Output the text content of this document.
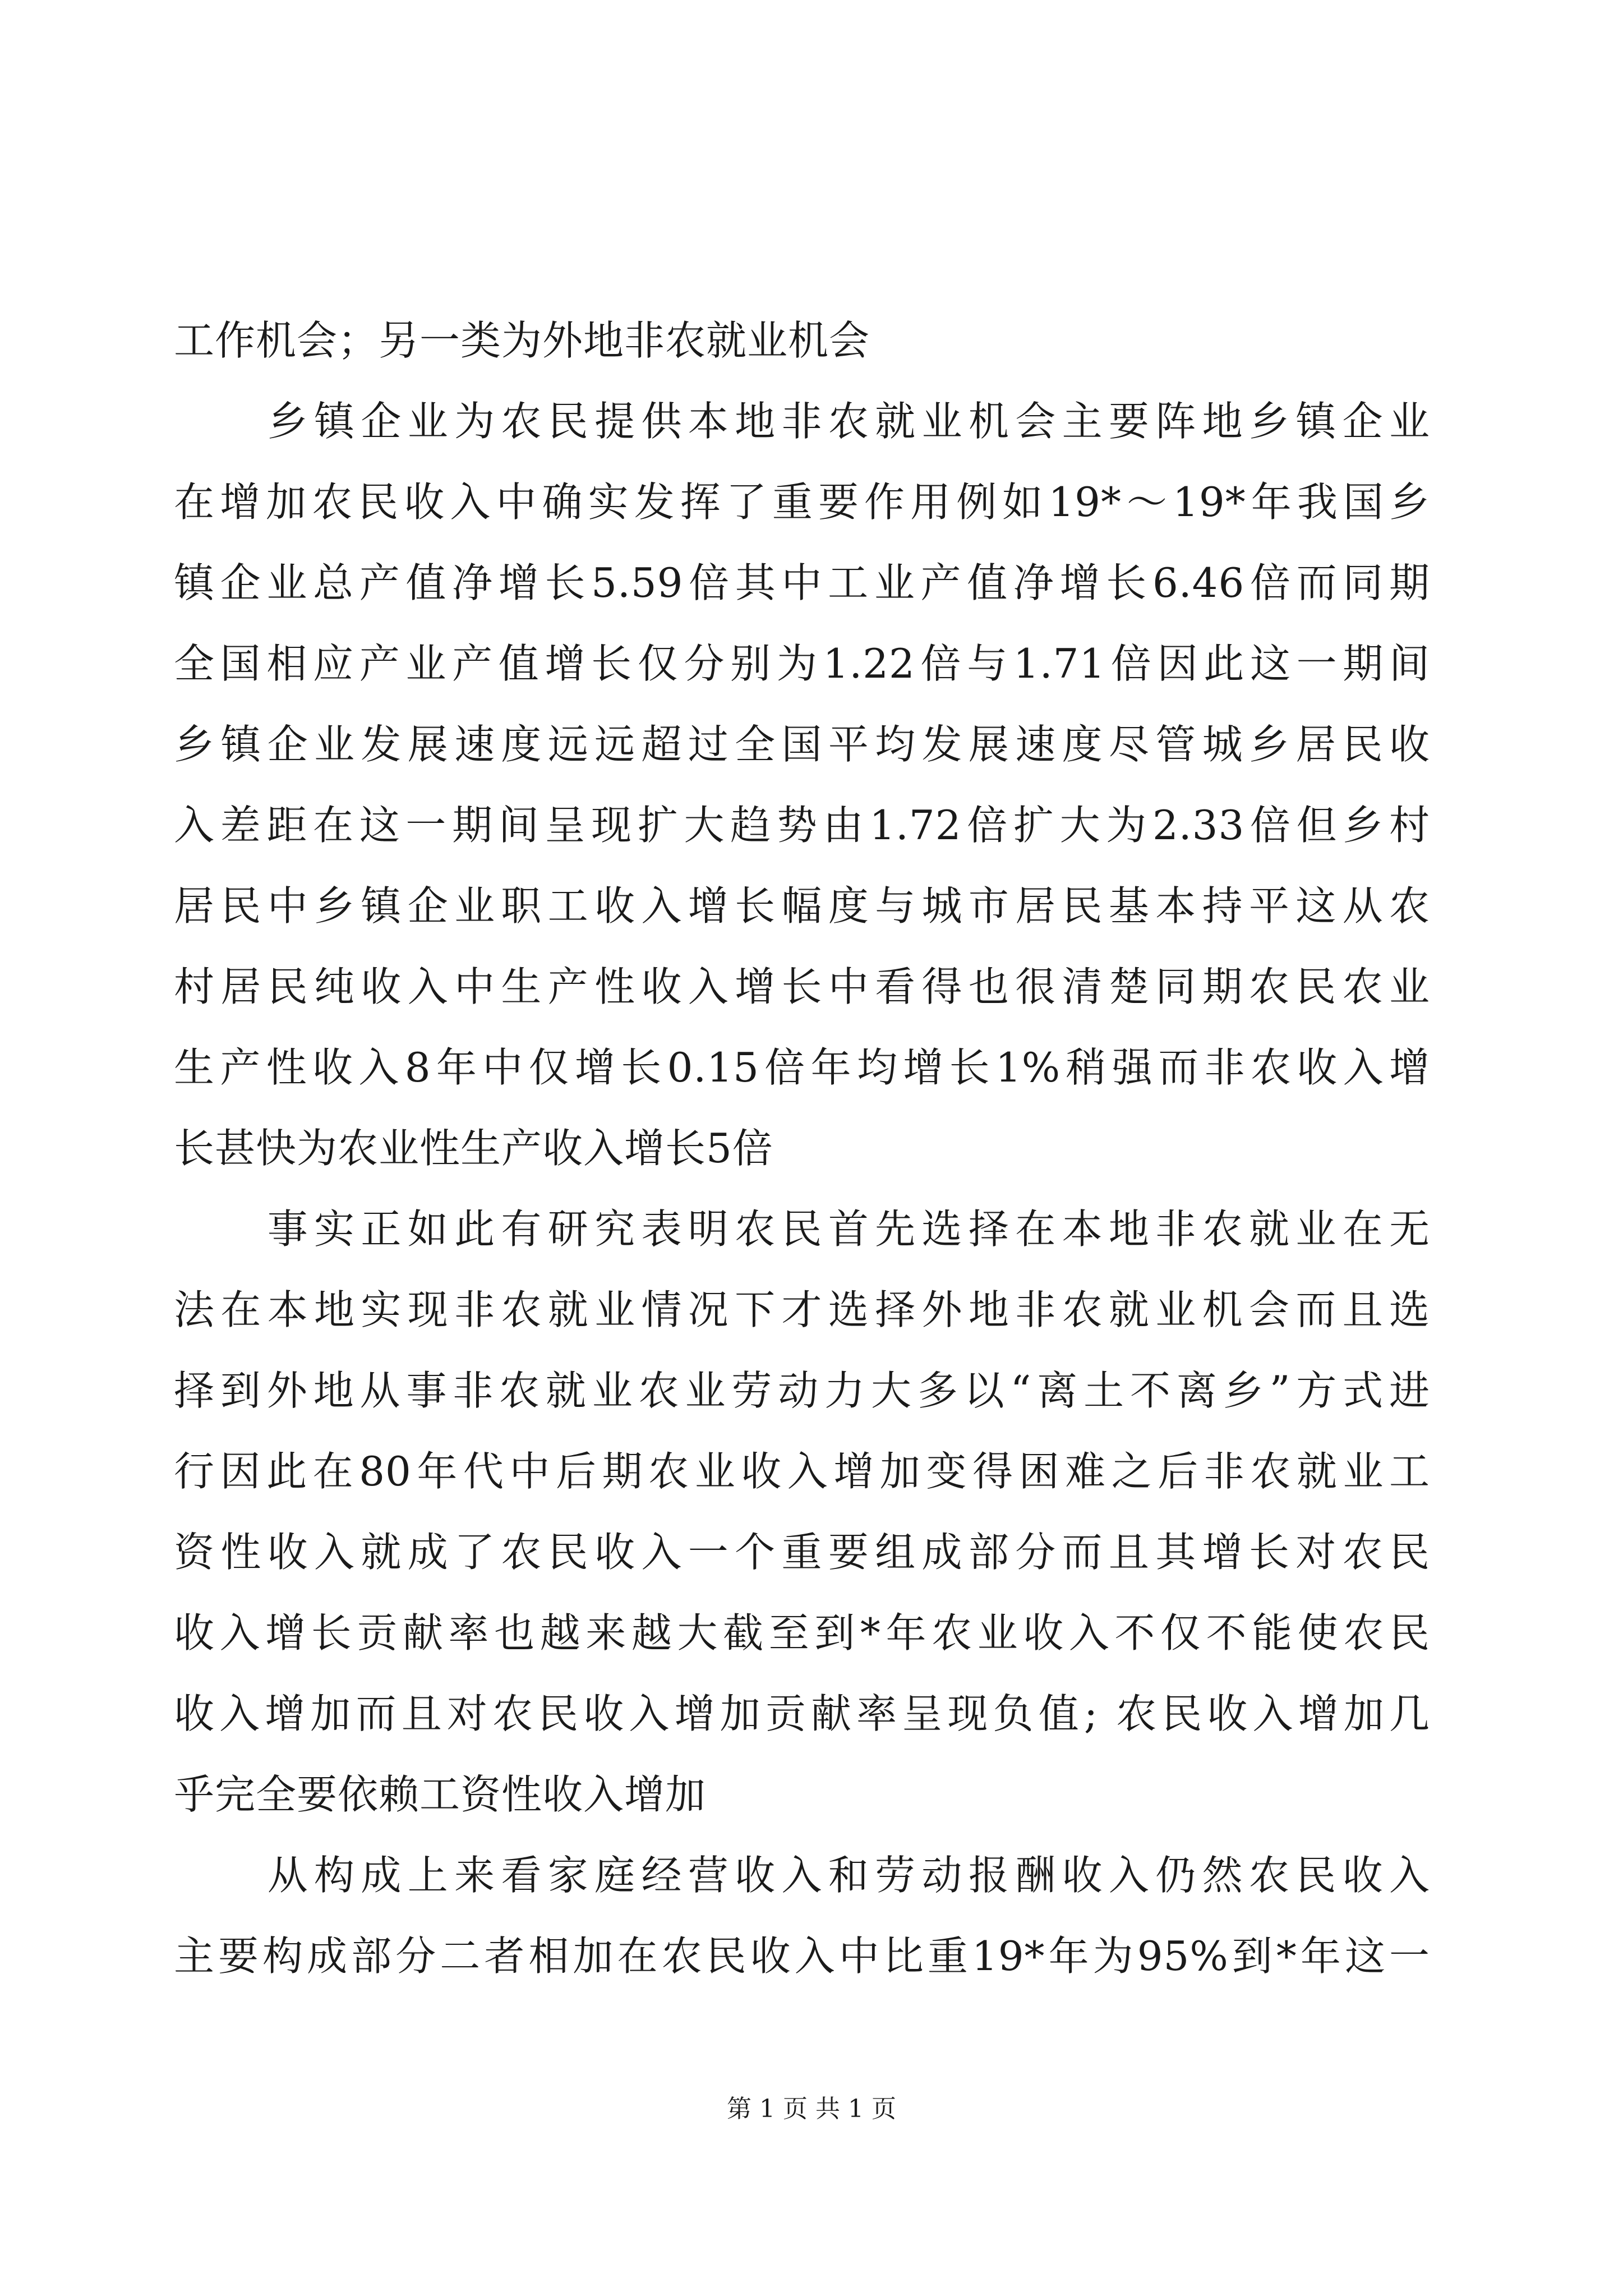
工作机会；另一类为外地非农就业机会
　　乡镇企业为农民提供本地非农就业机会主要阵地乡镇企业
在增加农民收入中确实发挥了重要作用例如19*～19*年我国乡
镇企业总产值净增长5.59倍其中工业产值净增长6.46倍而同期
全国相应产业产值增长仅分别为1.22倍与1.71倍因此这一期间
乡镇企业发展速度远远超过全国平均发展速度尽管城乡居民收
入差距在这一期间呈现扩大趋势由1.72倍扩大为2.33倍但乡村
居民中乡镇企业职工收入增长幅度与城市居民基本持平这从农
村居民纯收入中生产性收入增长中看得也很清楚同期农民农业
生产性收入8年中仅增长0.15倍年均增长1%稍强而非农收入增
长甚快为农业性生产收入增长5倍
　　事实正如此有研究表明农民首先选择在本地非农就业在无
法在本地实现非农就业情况下才选择外地非农就业机会而且选
择到外地从事非农就业农业劳动力大多以“离土不离乡”方式进
行因此在80年代中后期农业收入增加变得困难之后非农就业工
资性收入就成了农民收入一个重要组成部分而且其增长对农民
收入增长贡献率也越来越大截至到*年农业收入不仅不能使农民
收入增加而且对农民收入增加贡献率呈现负值; 农民收入增加几
乎完全要依赖工资性收入增加
　　从构成上来看家庭经营收入和劳动报酬收入仍然农民收入
主要构成部分二者相加在农民收入中比重19*年为95%到*年这一
第 1 页 共 1 页
